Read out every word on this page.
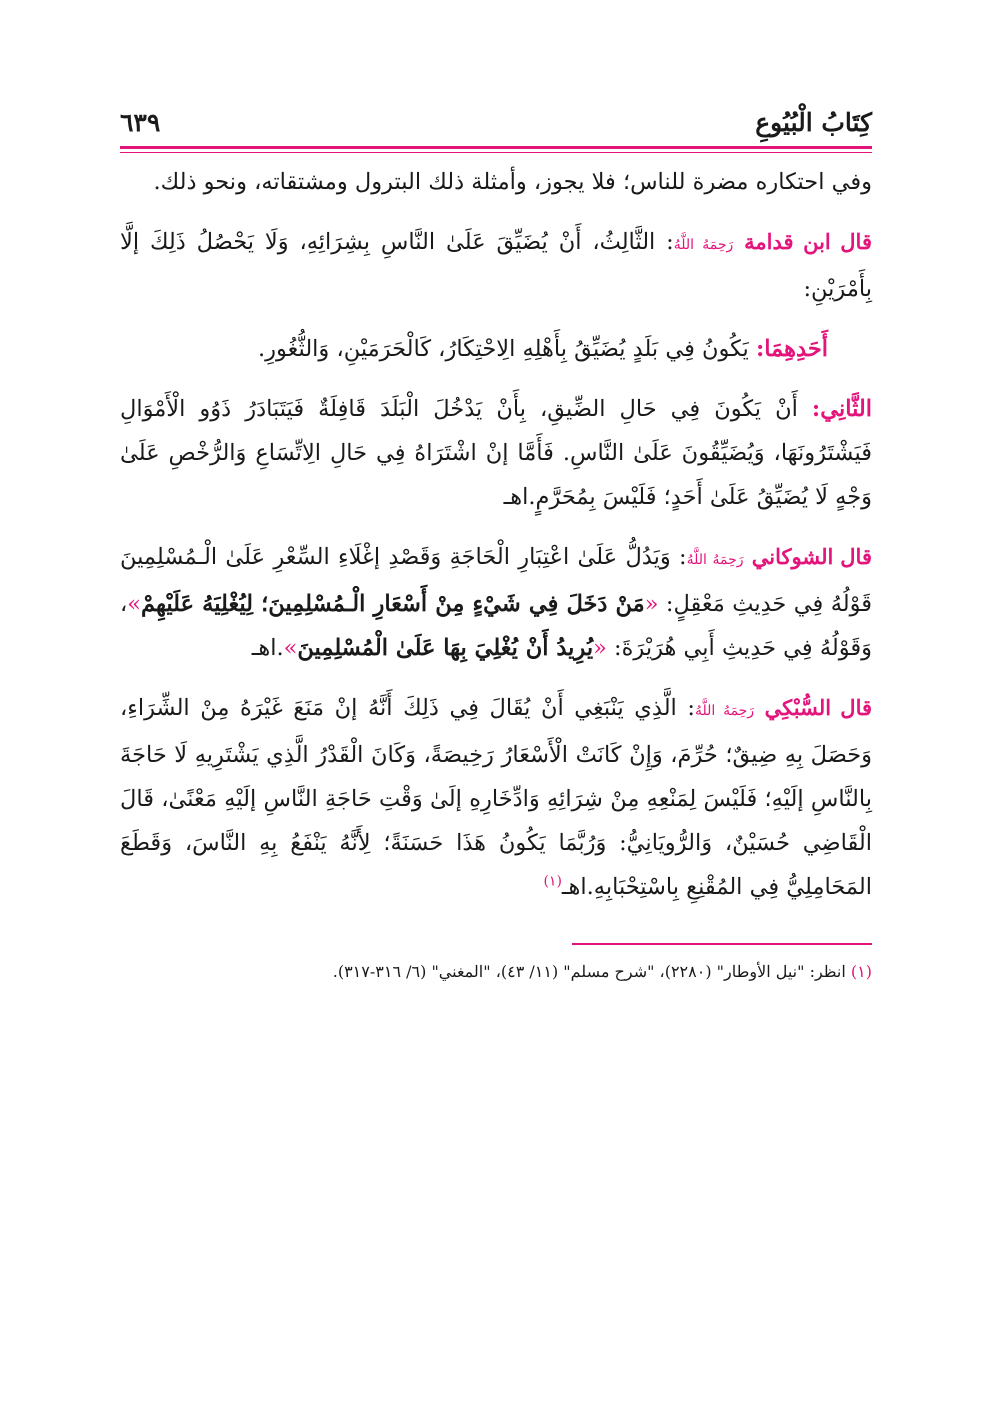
كِتَابُ الْبُيُوعِ
٦٣٩

وفي احتكاره مضرة للناس؛ فلا يجوز، وأمثلة ذلك البترول ومشتقاته، ونحو ذلك.

قال ابن قدامة رَحِمَهُ اللَّهُ: الثَّالِثُ، أَنْ يُضَيِّقَ عَلَىٰ النَّاسِ بِشِرَائِهِ، وَلَا يَحْصُلُ ذَلِكَ إلَّا بِأَمْرَيْنِ:

أَحَدِهِمَا: يَكُونُ فِي بَلَدٍ يُضَيِّقُ بِأَهْلِهِ الِاحْتِكَارُ، كَالْحَرَمَيْنِ، وَالثُّغُورِ.

الثَّانِي: أَنْ يَكُونَ فِي حَالِ الضِّيقِ، بِأَنْ يَدْخُلَ الْبَلَدَ قَافِلَةٌ فَيَتَبَادَرُ ذَوُو الْأَمْوَالِ فَيَشْتَرُونَهَا، وَيُضَيِّقُونَ عَلَىٰ النَّاسِ. فَأَمَّا إنْ اشْتَرَاهُ فِي حَالِ الِاتِّسَاعِ وَالرُّخْصِ عَلَىٰ وَجْهٍ لَا يُضَيِّقُ عَلَىٰ أَحَدٍ؛ فَلَيْسَ بِمُحَرَّمٍ.اهـ

قال الشوكاني رَحِمَهُ اللَّهُ: وَيَدُلُّ عَلَىٰ اعْتِبَارِ الْحَاجَةِ وَقَصْدِ إغْلَاءِ السِّعْرِ عَلَىٰ الْـمُسْلِمِينَ قَوْلُهُ فِي حَدِيثِ مَعْقِلٍ: «مَنْ دَخَلَ فِي شَيْءٍ مِنْ أَسْعَارِ الْـمُسْلِمِينَ؛ لِيُغْلِيَهُ عَلَيْهِمْ»، وَقَوْلُهُ فِي حَدِيثِ أَبِي هُرَيْرَةَ: «يُرِيدُ أَنْ يُغْلِيَ بِهَا عَلَىٰ الْمُسْلِمِينَ».اهـ

قال السُّبْكِي رَحِمَهُ اللَّهُ: الَّذِي يَنْبَغِي أَنْ يُقَالَ فِي ذَلِكَ أَنَّهُ إنْ مَنَعَ غَيْرَهُ مِنْ الشِّرَاءِ، وَحَصَلَ بِهِ ضِيقٌ؛ حُرِّمَ، وَإِنْ كَانَتْ الْأَسْعَارُ رَخِيصَةً، وَكَانَ الْقَدْرُ الَّذِي يَشْتَرِيهِ لَا حَاجَةَ بِالنَّاسِ إلَيْهِ؛ فَلَيْسَ لِمَنْعِهِ مِنْ شِرَائِهِ وَادِّخَارِهِ إلَىٰ وَقْتِ حَاجَةِ النَّاسِ إلَيْهِ مَعْنًىٰ، قَالَ الْقَاضِي حُسَيْنٌ، وَالرُّويَانِيُّ: وَرُبَّمَا يَكُونُ هَذَا حَسَنَةً؛ لِأَنَّهُ يَنْفَعُ بِهِ النَّاسَ، وَقَطَعَ المَحَامِلِيُّ فِي المُقْنِعِ بِاسْتِحْبَابِهِ.اهـ$^{(١)}$

(١) انظر: "نيل الأوطار" (٢٢٨٠)، "شرح مسلم" (١١/ ٤٣)، "المغني" (٦/ ٣١٦-٣١٧).
